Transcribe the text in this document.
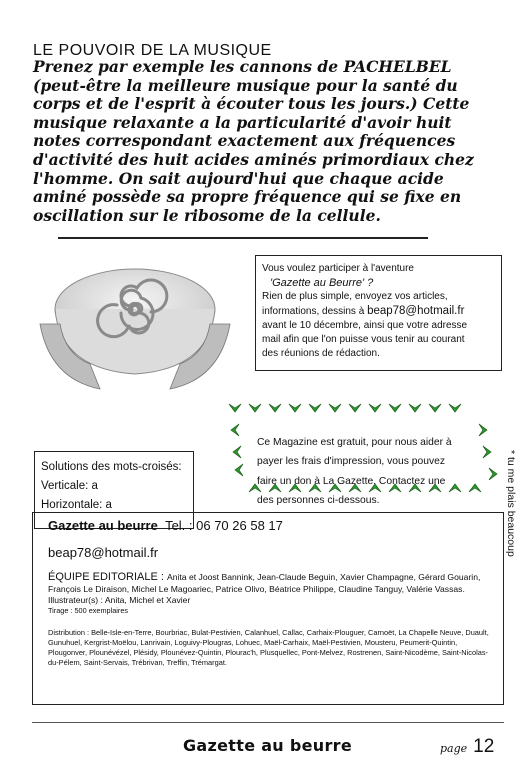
LE POUVOIR DE LA MUSIQUE
Prenez par exemple les cannons de PACHELBEL
(peut-être la meilleure musique pour la santé du
corps et de l'esprit à écouter tous les jours.) Cette
musique relaxante a la particularité d'avoir huit
notes correspondant exactement aux fréquences
d'activité des huit acides aminés primordiaux chez
l'homme. On sait aujourd'hui que chaque acide
aminé possède sa propre fréquence qui se fixe en
oscillation sur le ribosome de la cellule.
Vous voulez participer à l'aventure
'Gazette au Beurre' ?
Rien de plus simple, envoyez vos articles,
informations, dessins à beap78@hotmail.fr
avant le 10 décembre, ainsi que votre adresse
mail afin que l'on puisse vous tenir au courant
des réunions de rédaction.
Ce Magazine est gratuit, pour nous aider à
payer les frais d'impression, vous pouvez
faire un don à La Gazette. Contactez une
des personnes ci-dessous.
Solutions des mots-croisés:
Verticale: a
Horizontale: a	* tu me plais beaucoup
Gazette au beurre Tel. : 06 70 26 58 17
beap78@hotmail.fr
ÉQUIPE EDITORIALE : Anita et Joost Bannink, Jean-Claude Beguin, Xavier Champagne, Gérard Gouarin, François Le Diraison, Michel Le Magoariec, Patrice Olivo, Béatrice Philippe, Claudine Tanguy, Valérie Vassas.
Illustrateur(s) : Anita, Michel et Xavier
Tirage : 500 exemplaires
Distribution : Belle-Isle-en-Terre, Bourbriac, Bulat-Pestivien, Calanhuel, Callac, Carhaix-Plouguer, Carnoët, La Chapelle Neuve, Duault, Gunuhuel, Kergrist-Moëlou, Lanrivain, Loguivy-Plougras, Lohuec, Maël-Carhaix, Maël-Pestivien, Mousteru, Peumerit-Quintin, Plougonver, Plounévézel, Plésidy, Plounévez-Quintin, Plourac'h, Plusquellec, Pont-Melvez, Rostrenen, Saint-Nicodème, Saint-Nicolas-du-Pélem, Saint-Servais, Trébrivan, Treffin, Trémargat.
Gazette au beurre	page 12
